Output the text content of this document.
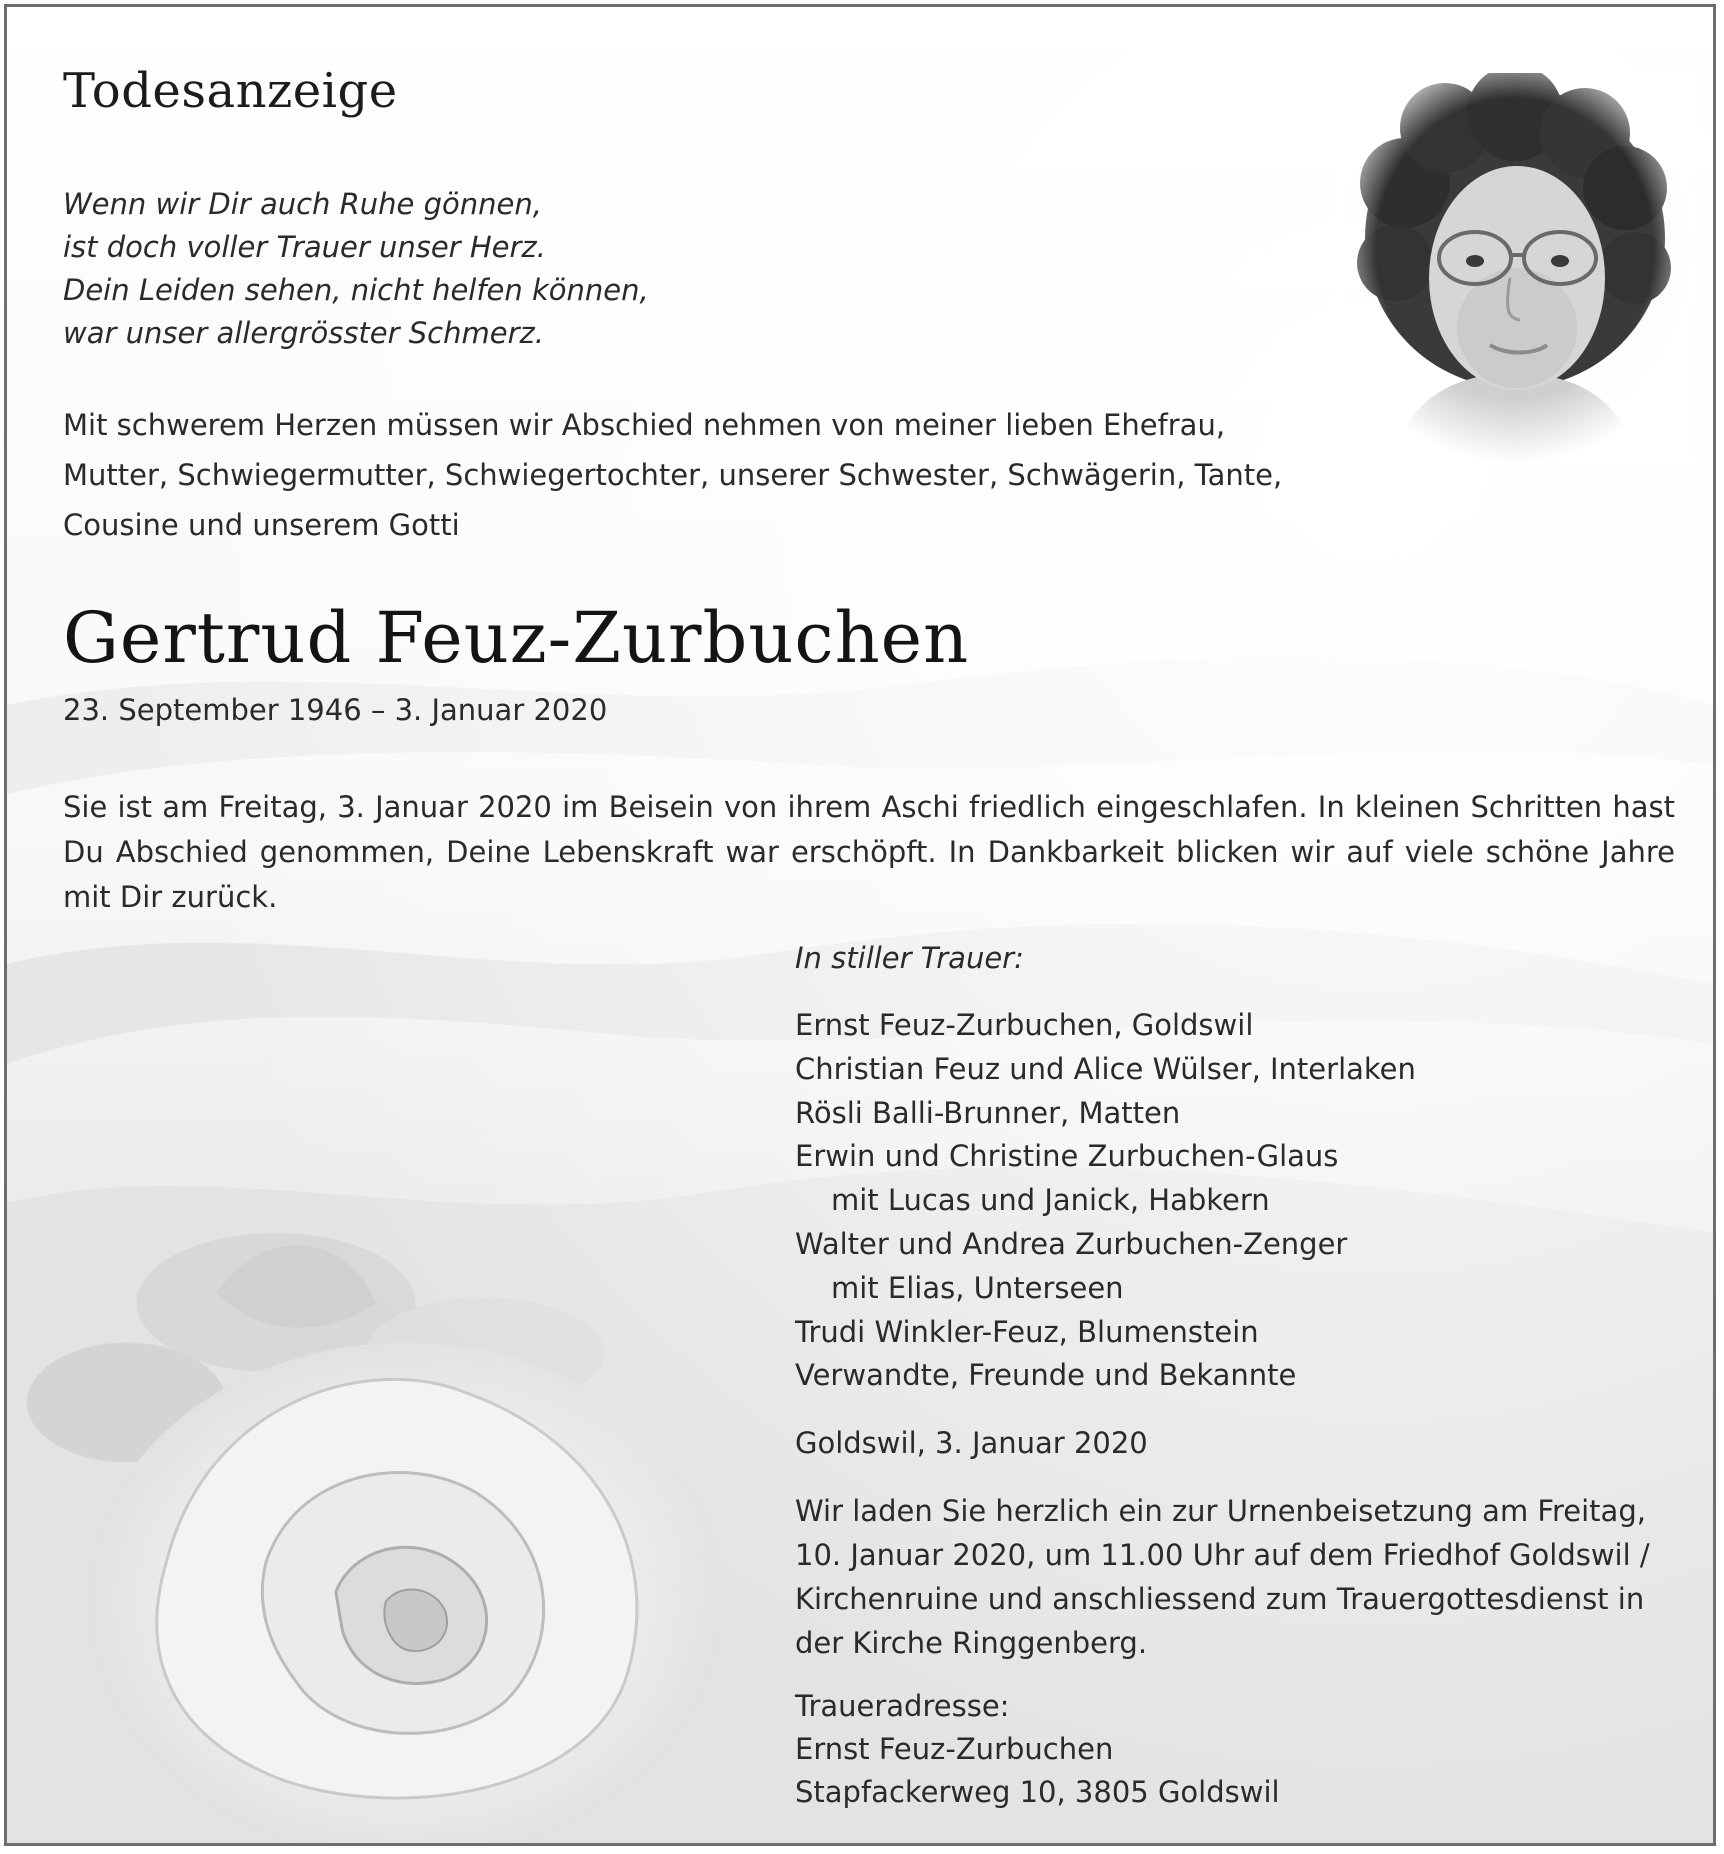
Todesanzeige

Wenn wir Dir auch Ruhe gönnen,

ist doch voller Trauer unser Herz.

Dein Leiden sehen, nicht helfen können,

war unser allergrösster Schmerz.

Mit schwerem Herzen müssen wir Abschied nehmen von meiner lieben Ehefrau,

Mutter, Schwiegermutter, Schwiegertochter, unserer Schwester, Schwägerin, Tante,

Cousine und unserem Gotti

Gertrud Feuz-Zurbuchen
23. September 1946 – 3. Januar 2020
Sie ist am Freitag, 3. Januar 2020 im Beisein von ihrem Aschi friedlich eingeschlafen. In kleinen Schritten hast Du Abschied genommen, Deine Lebenskraft war erschöpft. In Dankbarkeit blicken wir auf viele schöne Jahre mit Dir zurück.
In stiller Trauer:
Ernst Feuz-Zurbuchen, Goldswil
Christian Feuz und Alice Wülser, Interlaken
Rösli Balli-Brunner, Matten
Erwin und Christine Zurbuchen-Glaus
mit Lucas und Janick, Habkern
Walter und Andrea Zurbuchen-Zenger
mit Elias, Unterseen
Trudi Winkler-Feuz, Blumenstein
Verwandte, Freunde und Bekannte
Goldswil, 3. Januar 2020

Wir laden Sie herzlich ein zur Urnenbeisetzung am Freitag,

10. Januar 2020, um 11.00 Uhr auf dem Friedhof Goldswil /

Kirchenruine und anschliessend zum Trauergottesdienst in

der Kirche Ringgenberg.

Traueradresse:

Ernst Feuz-Zurbuchen

Stapfackerweg 10, 3805 Goldswil
